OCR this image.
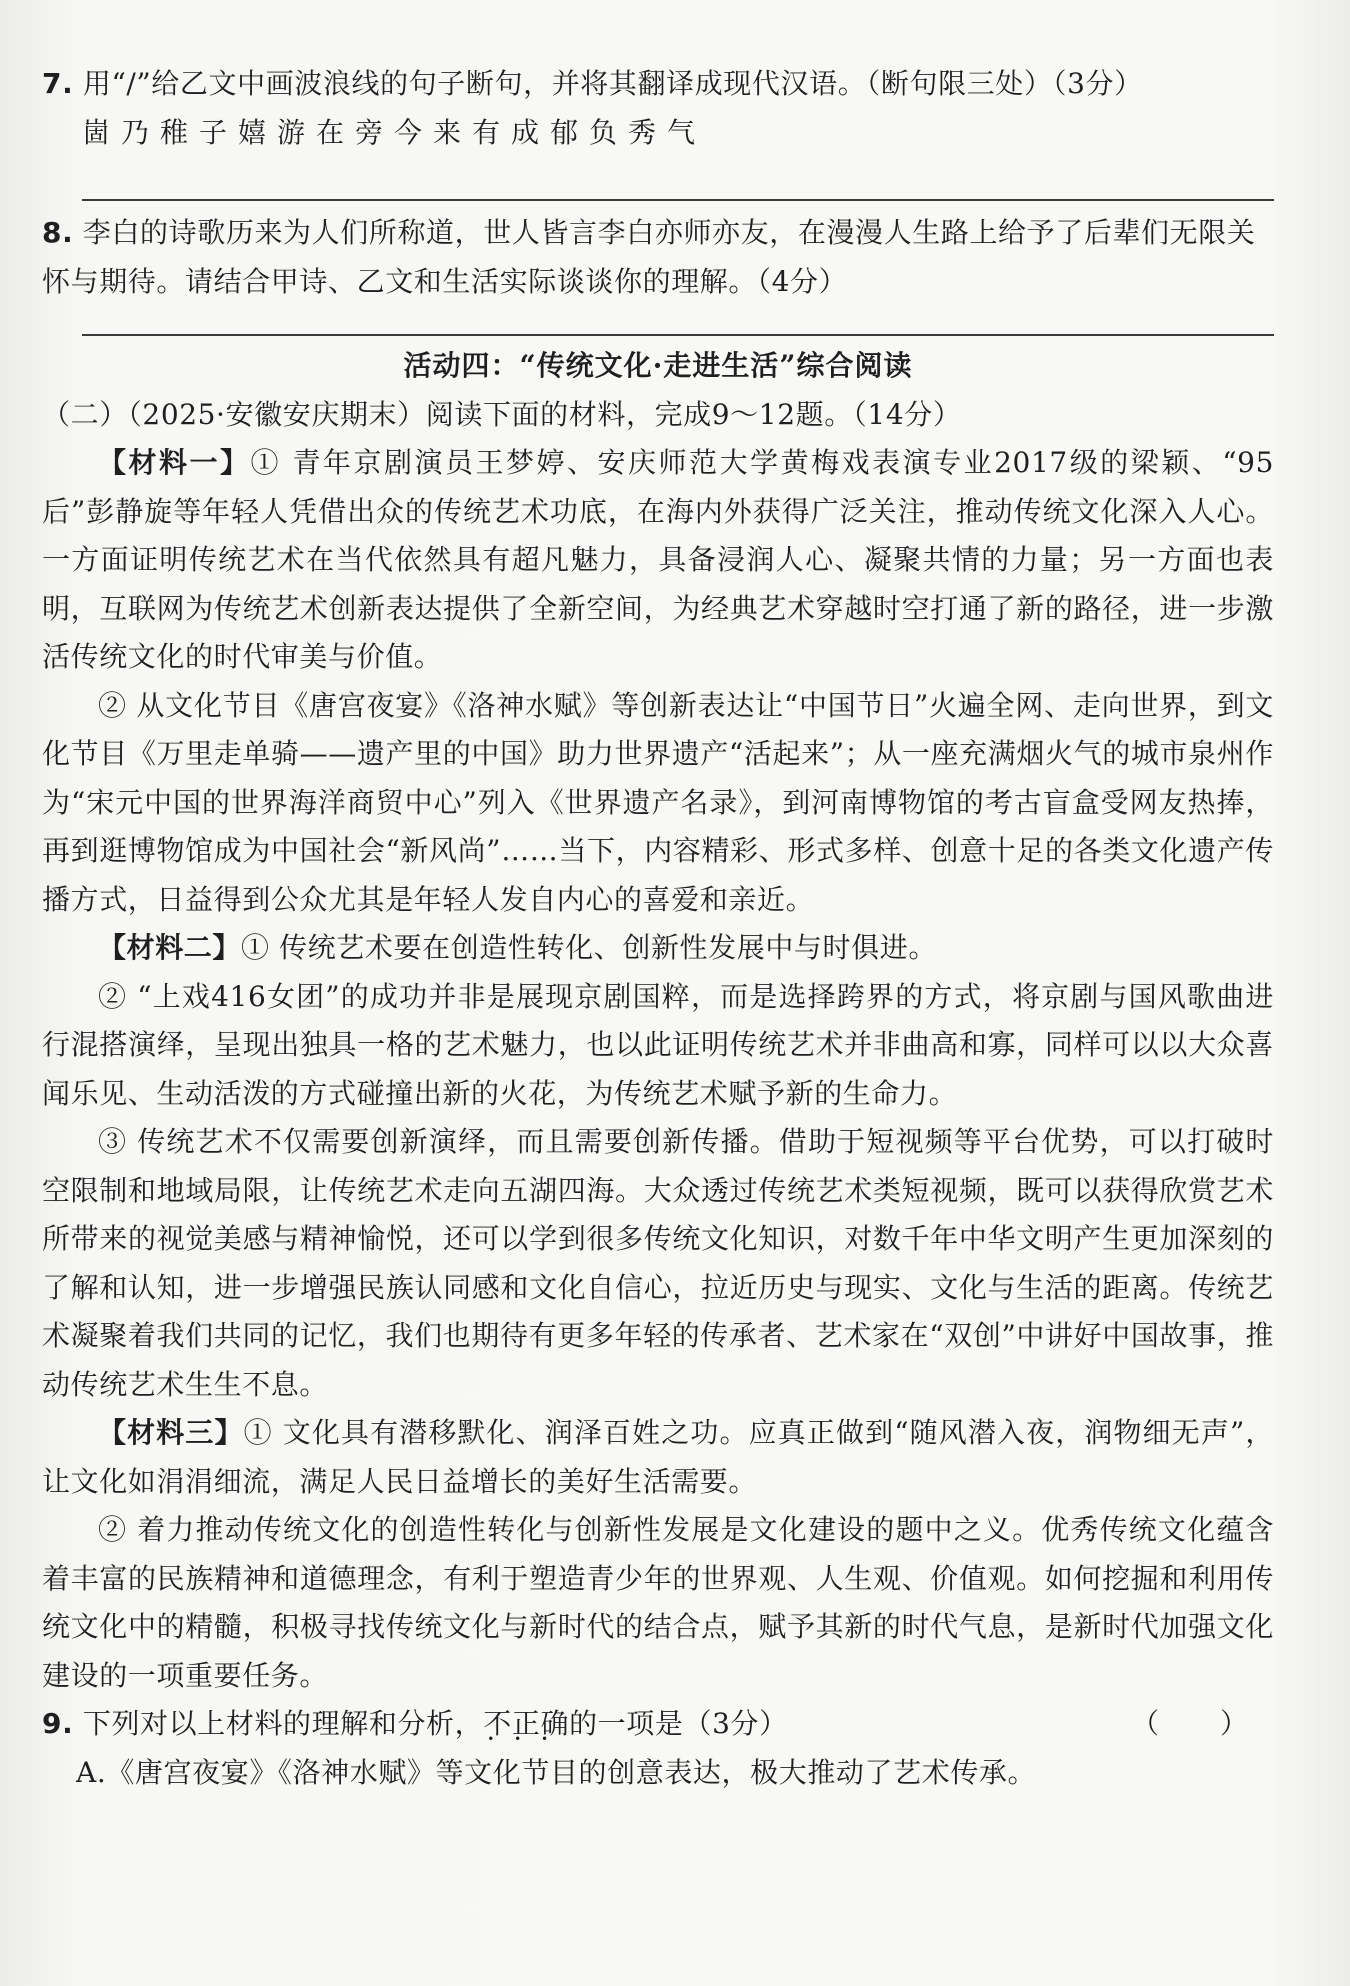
7. 用“/”给乙文中画波浪线的句子断句，并将其翻译成现代汉语。（断句限三处）（3分）
崮乃稚子嬉游在旁今来有成郁负秀气
8. 李白的诗歌历来为人们所称道，世人皆言李白亦师亦友，在漫漫人生路上给予了后辈们无限关怀与期待。请结合甲诗、乙文和生活实际谈谈你的理解。（4分）
活动四：“传统文化·走进生活”综合阅读
（二）（2025·安徽安庆期末）阅读下面的材料，完成9～12题。（14分）
【材料一】① 青年京剧演员王梦婷、安庆师范大学黄梅戏表演专业2017级的梁颖、“95后”彭静旋等年轻人凭借出众的传统艺术功底，在海内外获得广泛关注，推动传统文化深入人心。一方面证明传统艺术在当代依然具有超凡魅力，具备浸润人心、凝聚共情的力量；另一方面也表明，互联网为传统艺术创新表达提供了全新空间，为经典艺术穿越时空打通了新的路径，进一步激活传统文化的时代审美与价值。
② 从文化节目《唐宫夜宴》《洛神水赋》等创新表达让“中国节日”火遍全网、走向世界，到文化节目《万里走单骑——遗产里的中国》助力世界遗产“活起来”；从一座充满烟火气的城市泉州作为“宋元中国的世界海洋商贸中心”列入《世界遗产名录》，到河南博物馆的考古盲盒受网友热捧，再到逛博物馆成为中国社会“新风尚”……当下，内容精彩、形式多样、创意十足的各类文化遗产传播方式，日益得到公众尤其是年轻人发自内心的喜爱和亲近。
【材料二】① 传统艺术要在创造性转化、创新性发展中与时俱进。
② “上戏416女团”的成功并非是展现京剧国粹，而是选择跨界的方式，将京剧与国风歌曲进行混搭演绎，呈现出独具一格的艺术魅力，也以此证明传统艺术并非曲高和寡，同样可以以大众喜闻乐见、生动活泼的方式碰撞出新的火花，为传统艺术赋予新的生命力。
③ 传统艺术不仅需要创新演绎，而且需要创新传播。借助于短视频等平台优势，可以打破时空限制和地域局限，让传统艺术走向五湖四海。大众透过传统艺术类短视频，既可以获得欣赏艺术所带来的视觉美感与精神愉悦，还可以学到很多传统文化知识，对数千年中华文明产生更加深刻的了解和认知，进一步增强民族认同感和文化自信心，拉近历史与现实、文化与生活的距离。传统艺术凝聚着我们共同的记忆，我们也期待有更多年轻的传承者、艺术家在“双创”中讲好中国故事，推动传统艺术生生不息。
【材料三】① 文化具有潜移默化、润泽百姓之功。应真正做到“随风潜入夜，润物细无声”，让文化如涓涓细流，满足人民日益增长的美好生活需要。
② 着力推动传统文化的创造性转化与创新性发展是文化建设的题中之义。优秀传统文化蕴含着丰富的民族精神和道德理念，有利于塑造青少年的世界观、人生观、价值观。如何挖掘和利用传统文化中的精髓，积极寻找传统文化与新时代的结合点，赋予其新的时代气息，是新时代加强文化建设的一项重要任务。
9. 下列对以上材料的理解和分析，不正确 • • •的一项是（3分）	（ ）
A.《唐宫夜宴》《洛神水赋》等文化节目的创意表达，极大推动了艺术传承。
